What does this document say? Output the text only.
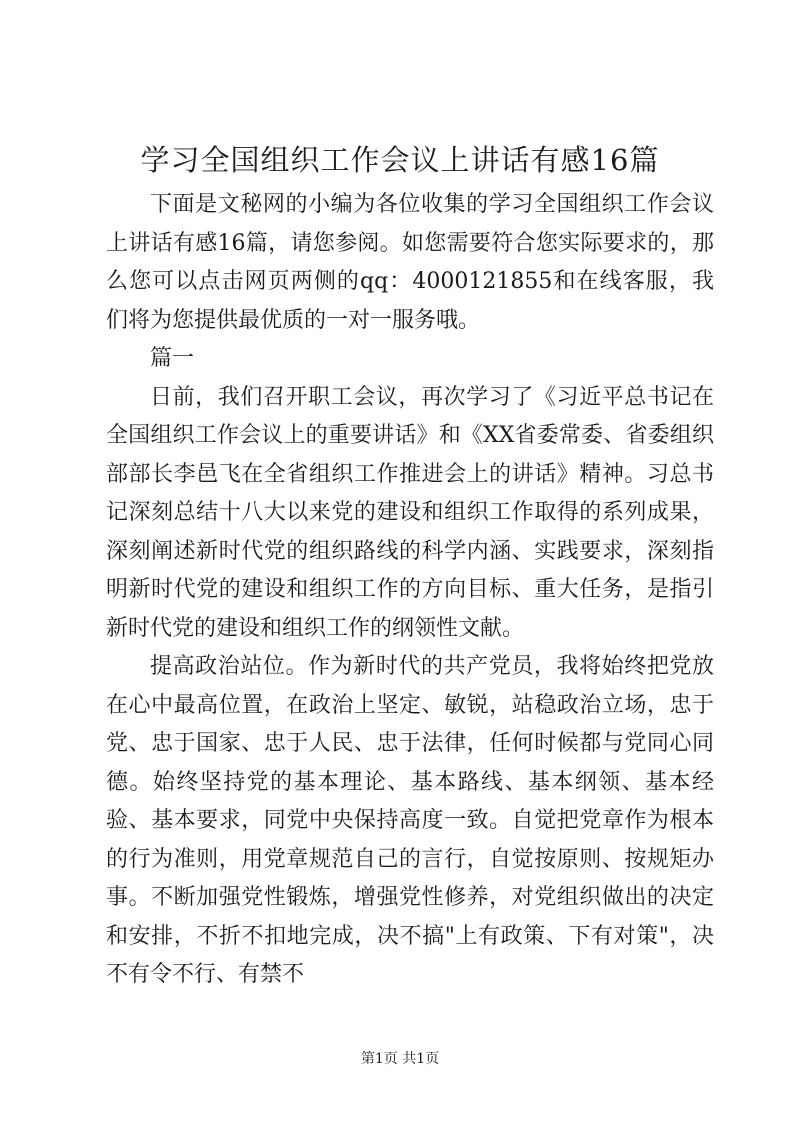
学习全国组织工作会议上讲话有感16篇

下面是文秘网的小编为各位收集的学习全国组织工作会议上讲话有感16篇，请您参阅。如您需要符合您实际要求的，那么您可以点击网页两侧的qq：4000121855和在线客服，我们将为您提供最优质的一对一服务哦。

篇一

日前，我们召开职工会议，再次学习了《习近平总书记在全国组织工作会议上的重要讲话》和《XX省委常委、省委组织部部长李邑飞在全省组织工作推进会上的讲话》精神。习总书记深刻总结十八大以来党的建设和组织工作取得的系列成果，深刻阐述新时代党的组织路线的科学内涵、实践要求，深刻指明新时代党的建设和组织工作的方向目标、重大任务，是指引新时代党的建设和组织工作的纲领性文献。

提高政治站位。作为新时代的共产党员，我将始终把党放在心中最高位置，在政治上坚定、敏锐，站稳政治立场，忠于党、忠于国家、忠于人民、忠于法律，任何时候都与党同心同德。始终坚持党的基本理论、基本路线、基本纲领、基本经验、基本要求，同党中央保持高度一致。自觉把党章作为根本的行为准则，用党章规范自己的言行，自觉按原则、按规矩办事。不断加强党性锻炼，增强党性修养，对党组织做出的决定和安排，不折不扣地完成，决不搞"上有政策、下有对策"，决不有令不行、有禁不

第1页 共1页
